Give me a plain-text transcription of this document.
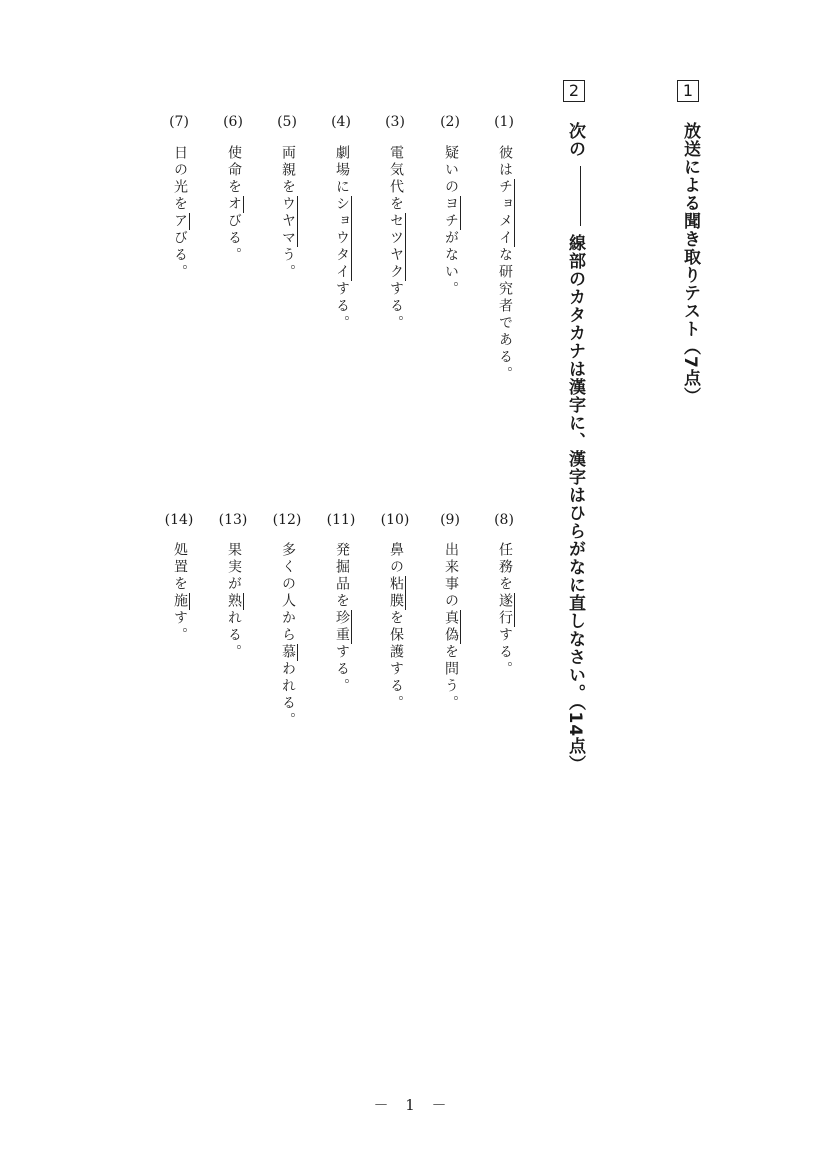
1
放送による聞き取りテスト（7点）
2
次の線部のカタカナは漢字に、漢字はひらがなに直しなさい。（14点）
(1)
彼はチョメイな研究者である。
(2)
疑いのヨチがない。
(3)
電気代をセツヤクする。
(4)
劇場にショウタイする。
(5)
両親をウヤマう。
(6)
使命をオびる。
(7)
日の光をアびる。
(8)
任務を遂行する。
(9)
出来事の真偽を問う。
(10)
鼻の粘膜を保護する。
(11)
発掘品を珍重する。
(12)
多くの人から慕われる。
(13)
果実が熟れる。
(14)
処置を施す。
－ 1 －
